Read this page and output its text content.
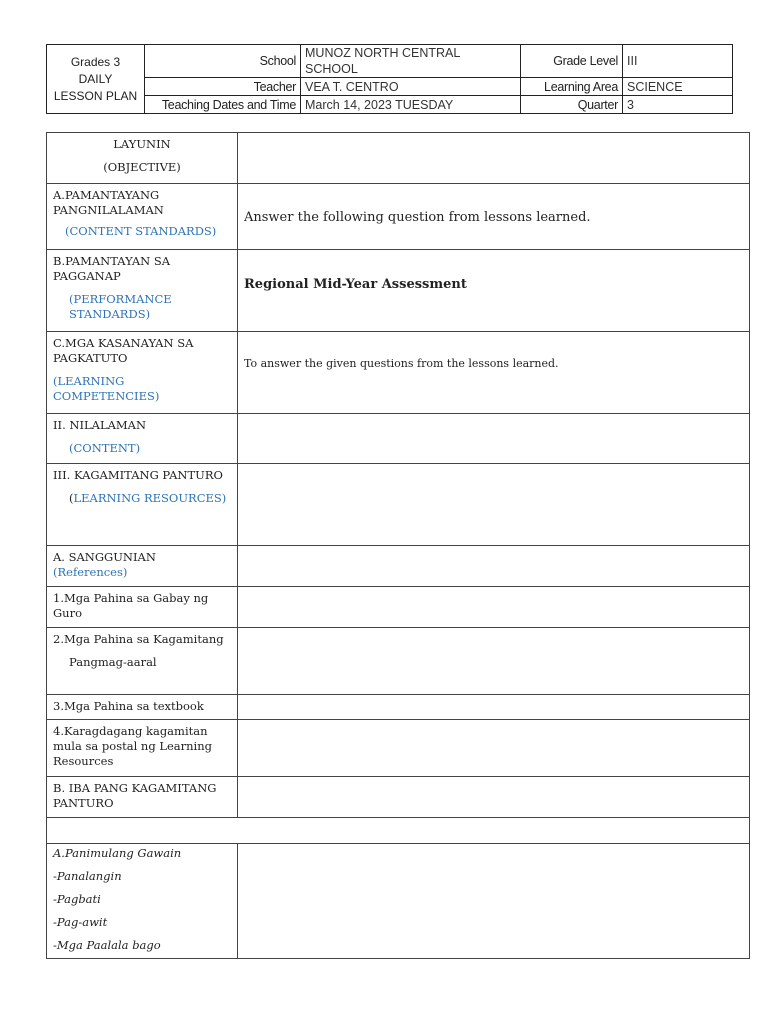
Grades 3
DAILY
LESSON PLAN	School	MUNOZ NORTH CENTRAL SCHOOL	Grade Level	III
	Teacher	VEA T. CENTRO	Learning Area	SCIENCE
	Teaching Dates and Time	March 14, 2023 TUESDAY	Quarter	3
LAYUNIN
(OBJECTIVE)	

A.PAMANTAYANG PANGNILALAMAN
(CONTENT STANDARDS)	Answer the following question from lessons learned.

B.PAMANTAYAN SA PAGGANAP
(PERFORMANCE STANDARDS)	Regional Mid-Year Assessment

C.MGA KASANAYAN SA PAGKATUTO
(LEARNING COMPETENCIES)	To answer the given questions from the lessons learned.

II. NILALAMAN
(CONTENT)	

III. KAGAMITANG PANTURO
(LEARNING RESOURCES)	

A. SANGGUNIAN
(References)	

1.Mga Pahina sa Gabay ng Guro	

2.Mga Pahina sa Kagamitang
Pangmag-aaral	

3.Mga Pahina sa textbook	
4.Karagdagang kagamitan mula sa postal ng Learning Resources	
B. IBA PANG KAGAMITANG PANTURO	

A.Panimulang Gawain
-Panalangin
-Pagbati
-Pag-awit
-Mga Paalala bago	
